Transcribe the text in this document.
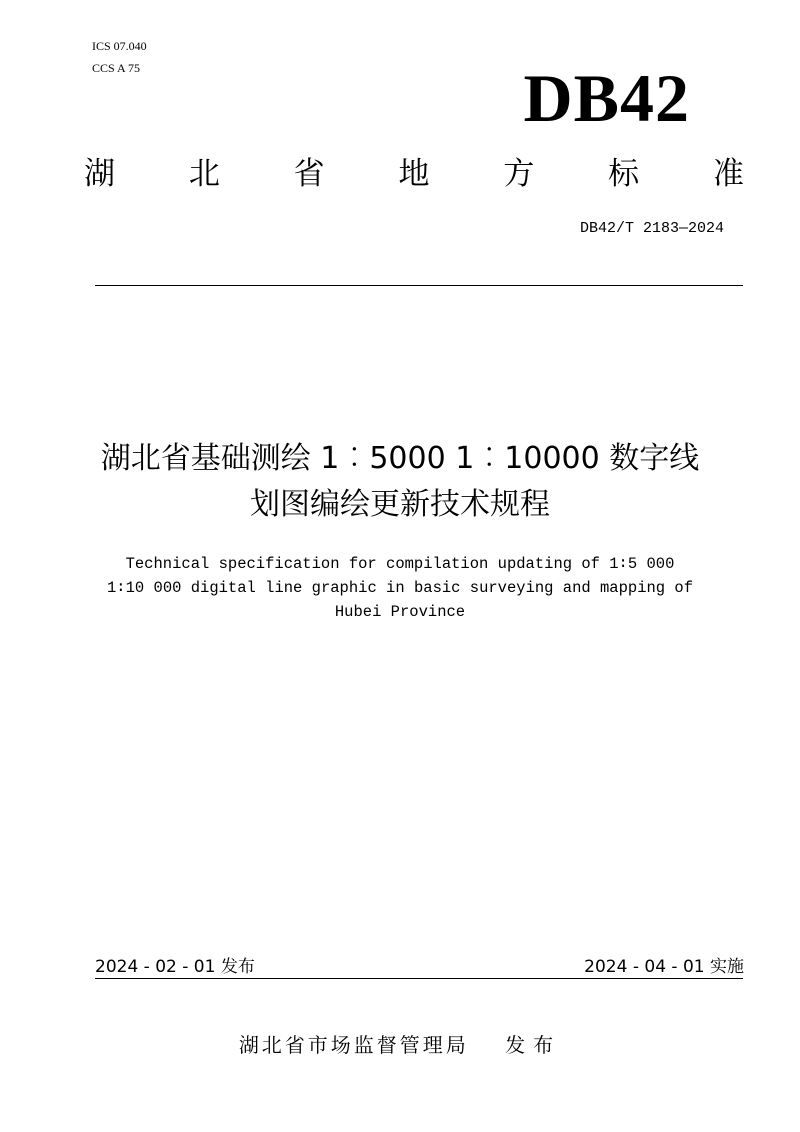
ICS 07.040
CCS A 75	DB42
湖 北 省 地 方 标 准
DB42/T 2183—2024
湖北省基础测绘 1︰5000 1︰10000 数字线
划图编绘更新技术规程
Technical specification for compilation updating of 1∶5 000
1∶10 000 digital line graphic in basic surveying and mapping of
Hubei Province
2024 - 02 - 01 发布	2024 - 04 - 01 实施
湖北省市场监督管理局 发布
